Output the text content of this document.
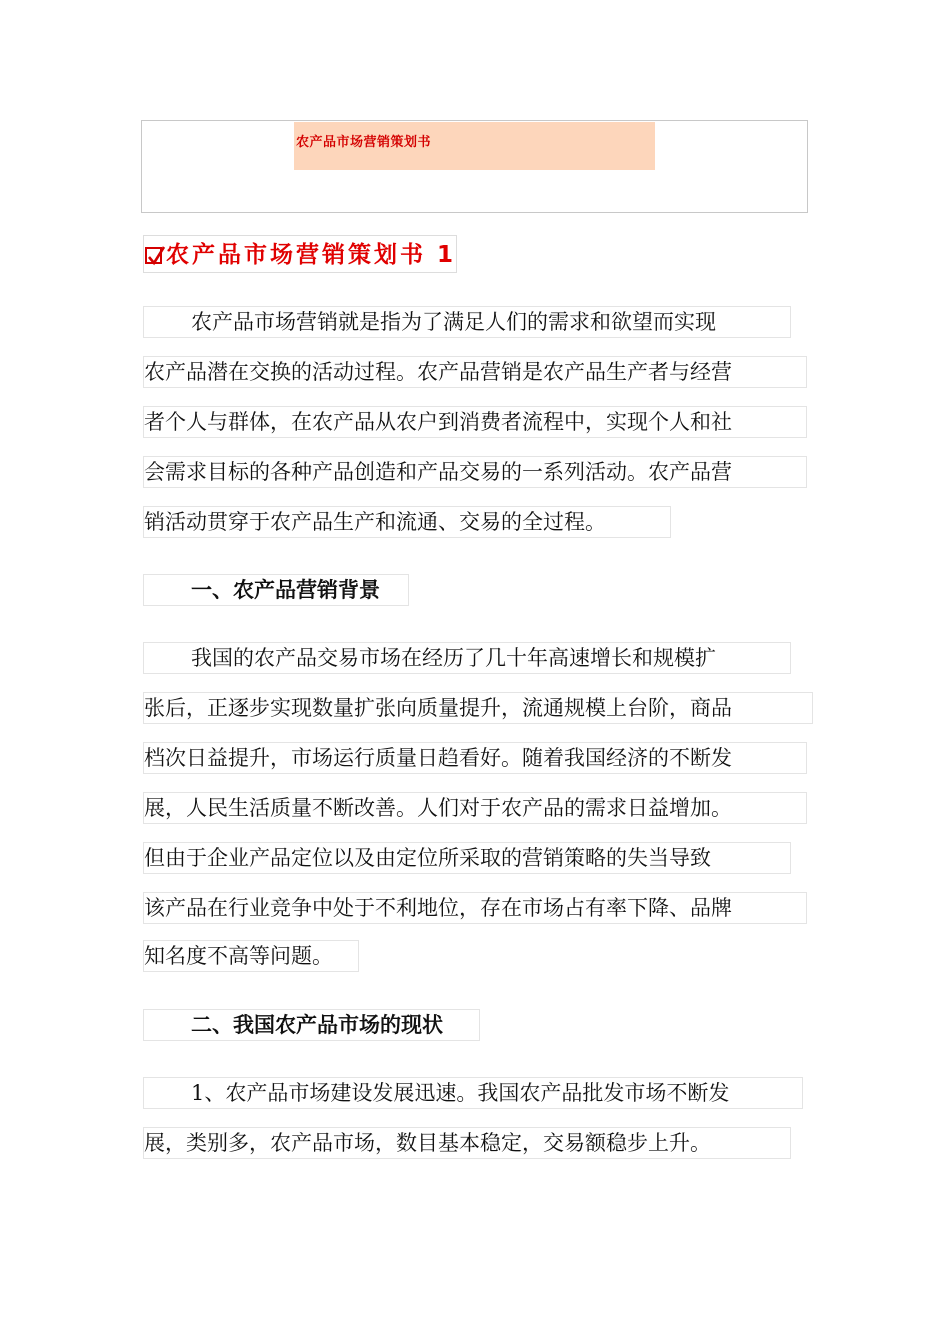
农产品市场营销策划书
农产品市场营销策划书 1
农产品市场营销就是指为了满足人们的需求和欲望而实现
农产品潜在交换的活动过程。农产品营销是农产品生产者与经营
者个人与群体，在农产品从农户到消费者流程中，实现个人和社
会需求目标的各种产品创造和产品交易的一系列活动。农产品营
销活动贯穿于农产品生产和流通、交易的全过程。
一、农产品营销背景
我国的农产品交易市场在经历了几十年高速增长和规模扩
张后，正逐步实现数量扩张向质量提升，流通规模上台阶，商品
档次日益提升，市场运行质量日趋看好。随着我国经济的不断发
展，人民生活质量不断改善。人们对于农产品的需求日益增加。
但由于企业产品定位以及由定位所采取的营销策略的失当导致
该产品在行业竞争中处于不利地位，存在市场占有率下降、品牌
知名度不高等问题。
二、我国农产品市场的现状
1、农产品市场建设发展迅速。我国农产品批发市场不断发
展，类别多，农产品市场，数目基本稳定，交易额稳步上升。
